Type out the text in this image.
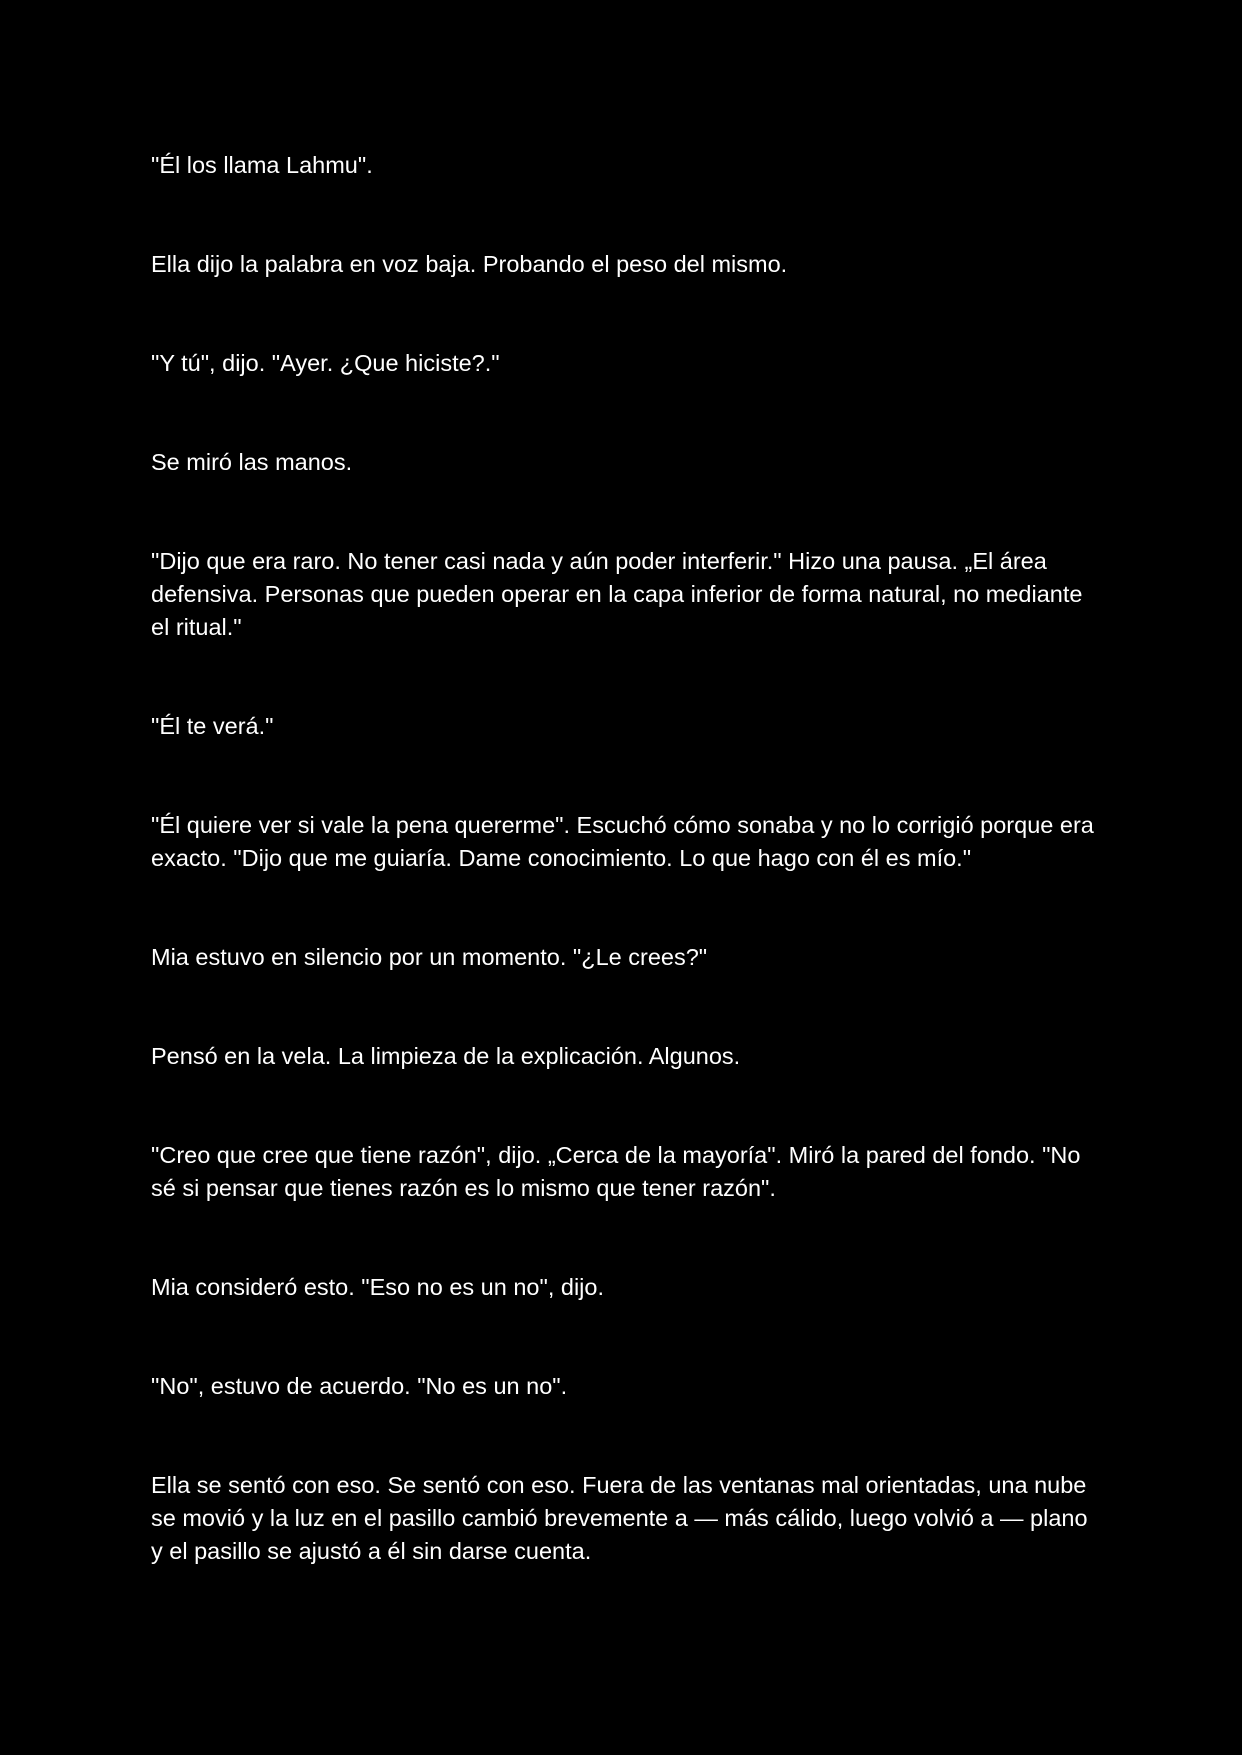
"Él los llama Lahmu".

Ella dijo la palabra en voz baja. Probando el peso del mismo.

"Y tú", dijo. "Ayer. ¿Que hiciste?."

Se miró las manos.

"Dijo que era raro. No tener casi nada y aún poder interferir." Hizo una pausa. „El área defensiva. Personas que pueden operar en la capa inferior de forma natural, no mediante el ritual."

"Él te verá."

"Él quiere ver si vale la pena quererme". Escuchó cómo sonaba y no lo corrigió porque era exacto. "Dijo que me guiaría. Dame conocimiento. Lo que hago con él es mío."

Mia estuvo en silencio por un momento. "¿Le crees?"

Pensó en la vela. La limpieza de la explicación. Algunos.

"Creo que cree que tiene razón", dijo. „Cerca de la mayoría". Miró la pared del fondo. "No sé si pensar que tienes razón es lo mismo que tener razón".

Mia consideró esto. "Eso no es un no", dijo.

"No", estuvo de acuerdo. "No es un no".

Ella se sentó con eso. Se sentó con eso. Fuera de las ventanas mal orientadas, una nube se movió y la luz en el pasillo cambió brevemente a — más cálido, luego volvió a — plano y el pasillo se ajustó a él sin darse cuenta.
